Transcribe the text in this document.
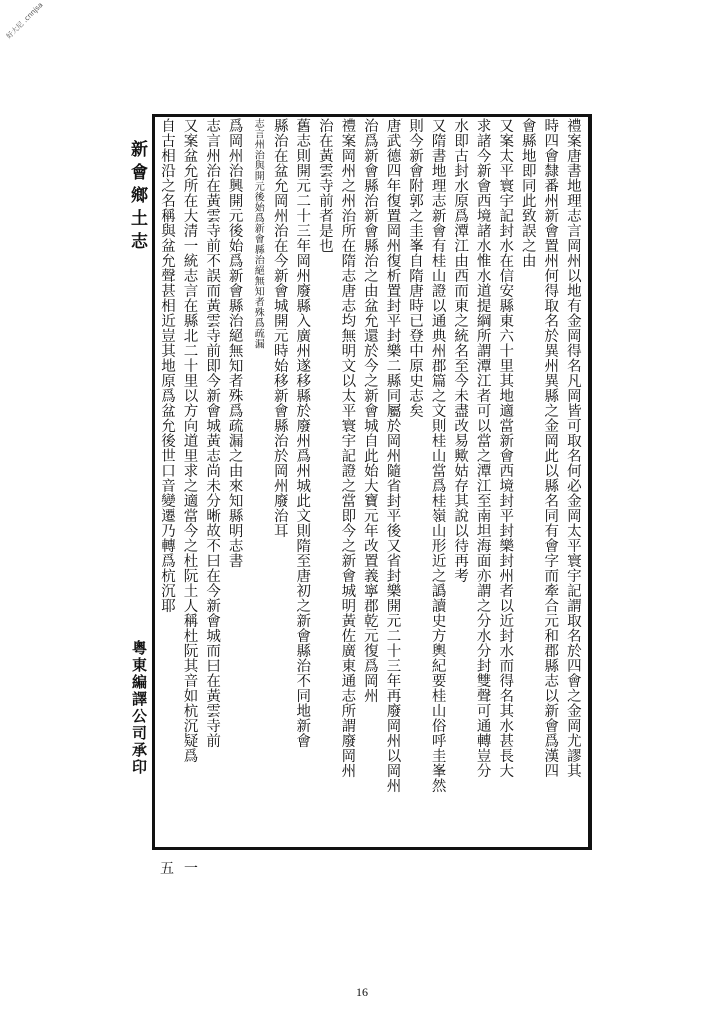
好大尼 .cnnjsa
新會鄉土志
粵東編譯公司承印
五一
禮案唐書地理志言岡州以地有金岡得名凡岡皆可取名何必金岡太平寰宇記謂取名於四會之金岡尤謬其
時四會隸番州新會置州何得取名於異州異縣之金岡此以縣名同有會字而牽合元和郡縣志以新會爲漢四
會縣地即同此致誤之由
又案太平寰宇記封水在信安縣東六十里其地適當新會西境封平封樂封州者以近封水而得名其水甚長大
求諸今新會西境諸水惟水道提綱所謂潭江者可以當之潭江至南坦海面亦謂之分水分封雙聲可通轉豈分
水即古封水原爲潭江由西而東之統名至今未盡改易歟姑存其說以待再考
又隋書地理志新會有桂山證以通典州郡篇之文則桂山當爲桂嶺山形近之譌讀史方輿紀要桂山俗呼圭峯然
則今新會附郭之圭峯自隋唐時已登中原史志矣
唐武德四年復置岡州復析置封平封樂二縣同屬於岡州隨省封平後又省封樂開元二十三年再廢岡州以岡州
治爲新會縣治新會縣治之由盆允還於今之新會城自此始大寶元年改置義寧郡乾元復爲岡州
禮案岡州之州治所在隋志唐志均無明文以太平寰宇記證之當即今之新會城明黃佐廣東通志所謂廢岡州
治在黃雲寺前者是也
舊志則開元二十三年岡州廢縣入廣州遂移縣於廢州爲州城此文則隋至唐初之新會縣治不同地新會
縣治在盆允岡州治在今新會城開元時始移新會縣治於岡州廢治耳
志言州治與開元後始爲新會縣治絕無知者殊爲疏漏
爲岡州治興開元後始爲新會縣治絕無知者殊爲疏漏之由來知縣明志書
志言州治在黃雲寺前不誤而黃雲寺前即今新會城黃志尚未分晰故不曰在今新會城而曰在黃雲寺前
又案盆允所在大清一統志言在縣北二十里以方向道里求之適當今之杜阮土人稱杜阮其音如杭沉疑爲
自古相沿之名稱與盆允聲甚相近豈其地原爲盆允後世口音變遷乃轉爲杭沉耶
16
